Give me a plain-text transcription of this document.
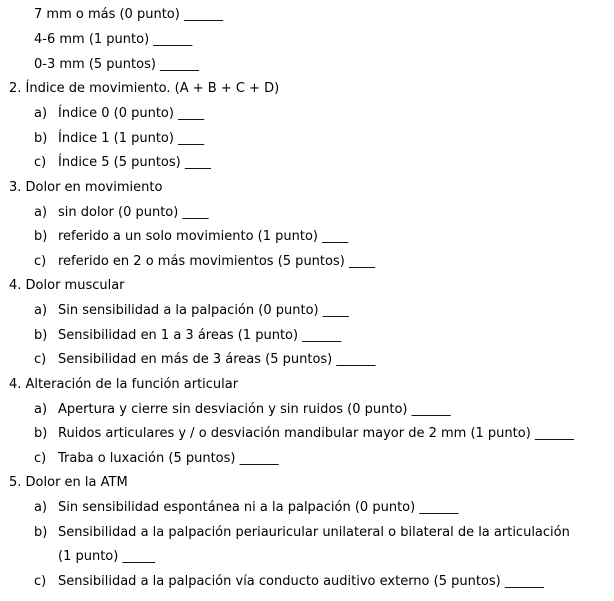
7 mm o más (0 punto) ______
4-6 mm (1 punto) ______
0-3 mm (5 puntos) ______
2. Índice de movimiento. (A + B + C + D)
a) Índice 0 (0 punto) ____
b) Índice 1 (1 punto) ____
c) Índice 5 (5 puntos) ____
3. Dolor en movimiento
a) sin dolor (0 punto) ____
b) referido a un solo movimiento (1 punto) ____
c) referido en 2 o más movimientos (5 puntos) ____
4. Dolor muscular
a) Sin sensibilidad a la palpación (0 punto) ____
b) Sensibilidad en 1 a 3 áreas (1 punto) ______
c) Sensibilidad en más de 3 áreas (5 puntos) ______
4. Alteración de la función articular
a) Apertura y cierre sin desviación y sin ruidos (0 punto) ______
b) Ruidos articulares y / o desviación mandibular mayor de 2 mm (1 punto) ______
c) Traba o luxación (5 puntos) ______
5. Dolor en la ATM
a) Sin sensibilidad espontánea ni a la palpación (0 punto) ______
b) Sensibilidad a la palpación periauricular unilateral o bilateral de la articulación
(1 punto) _____
c) Sensibilidad a la palpación vía conducto auditivo externo (5 puntos) ______
